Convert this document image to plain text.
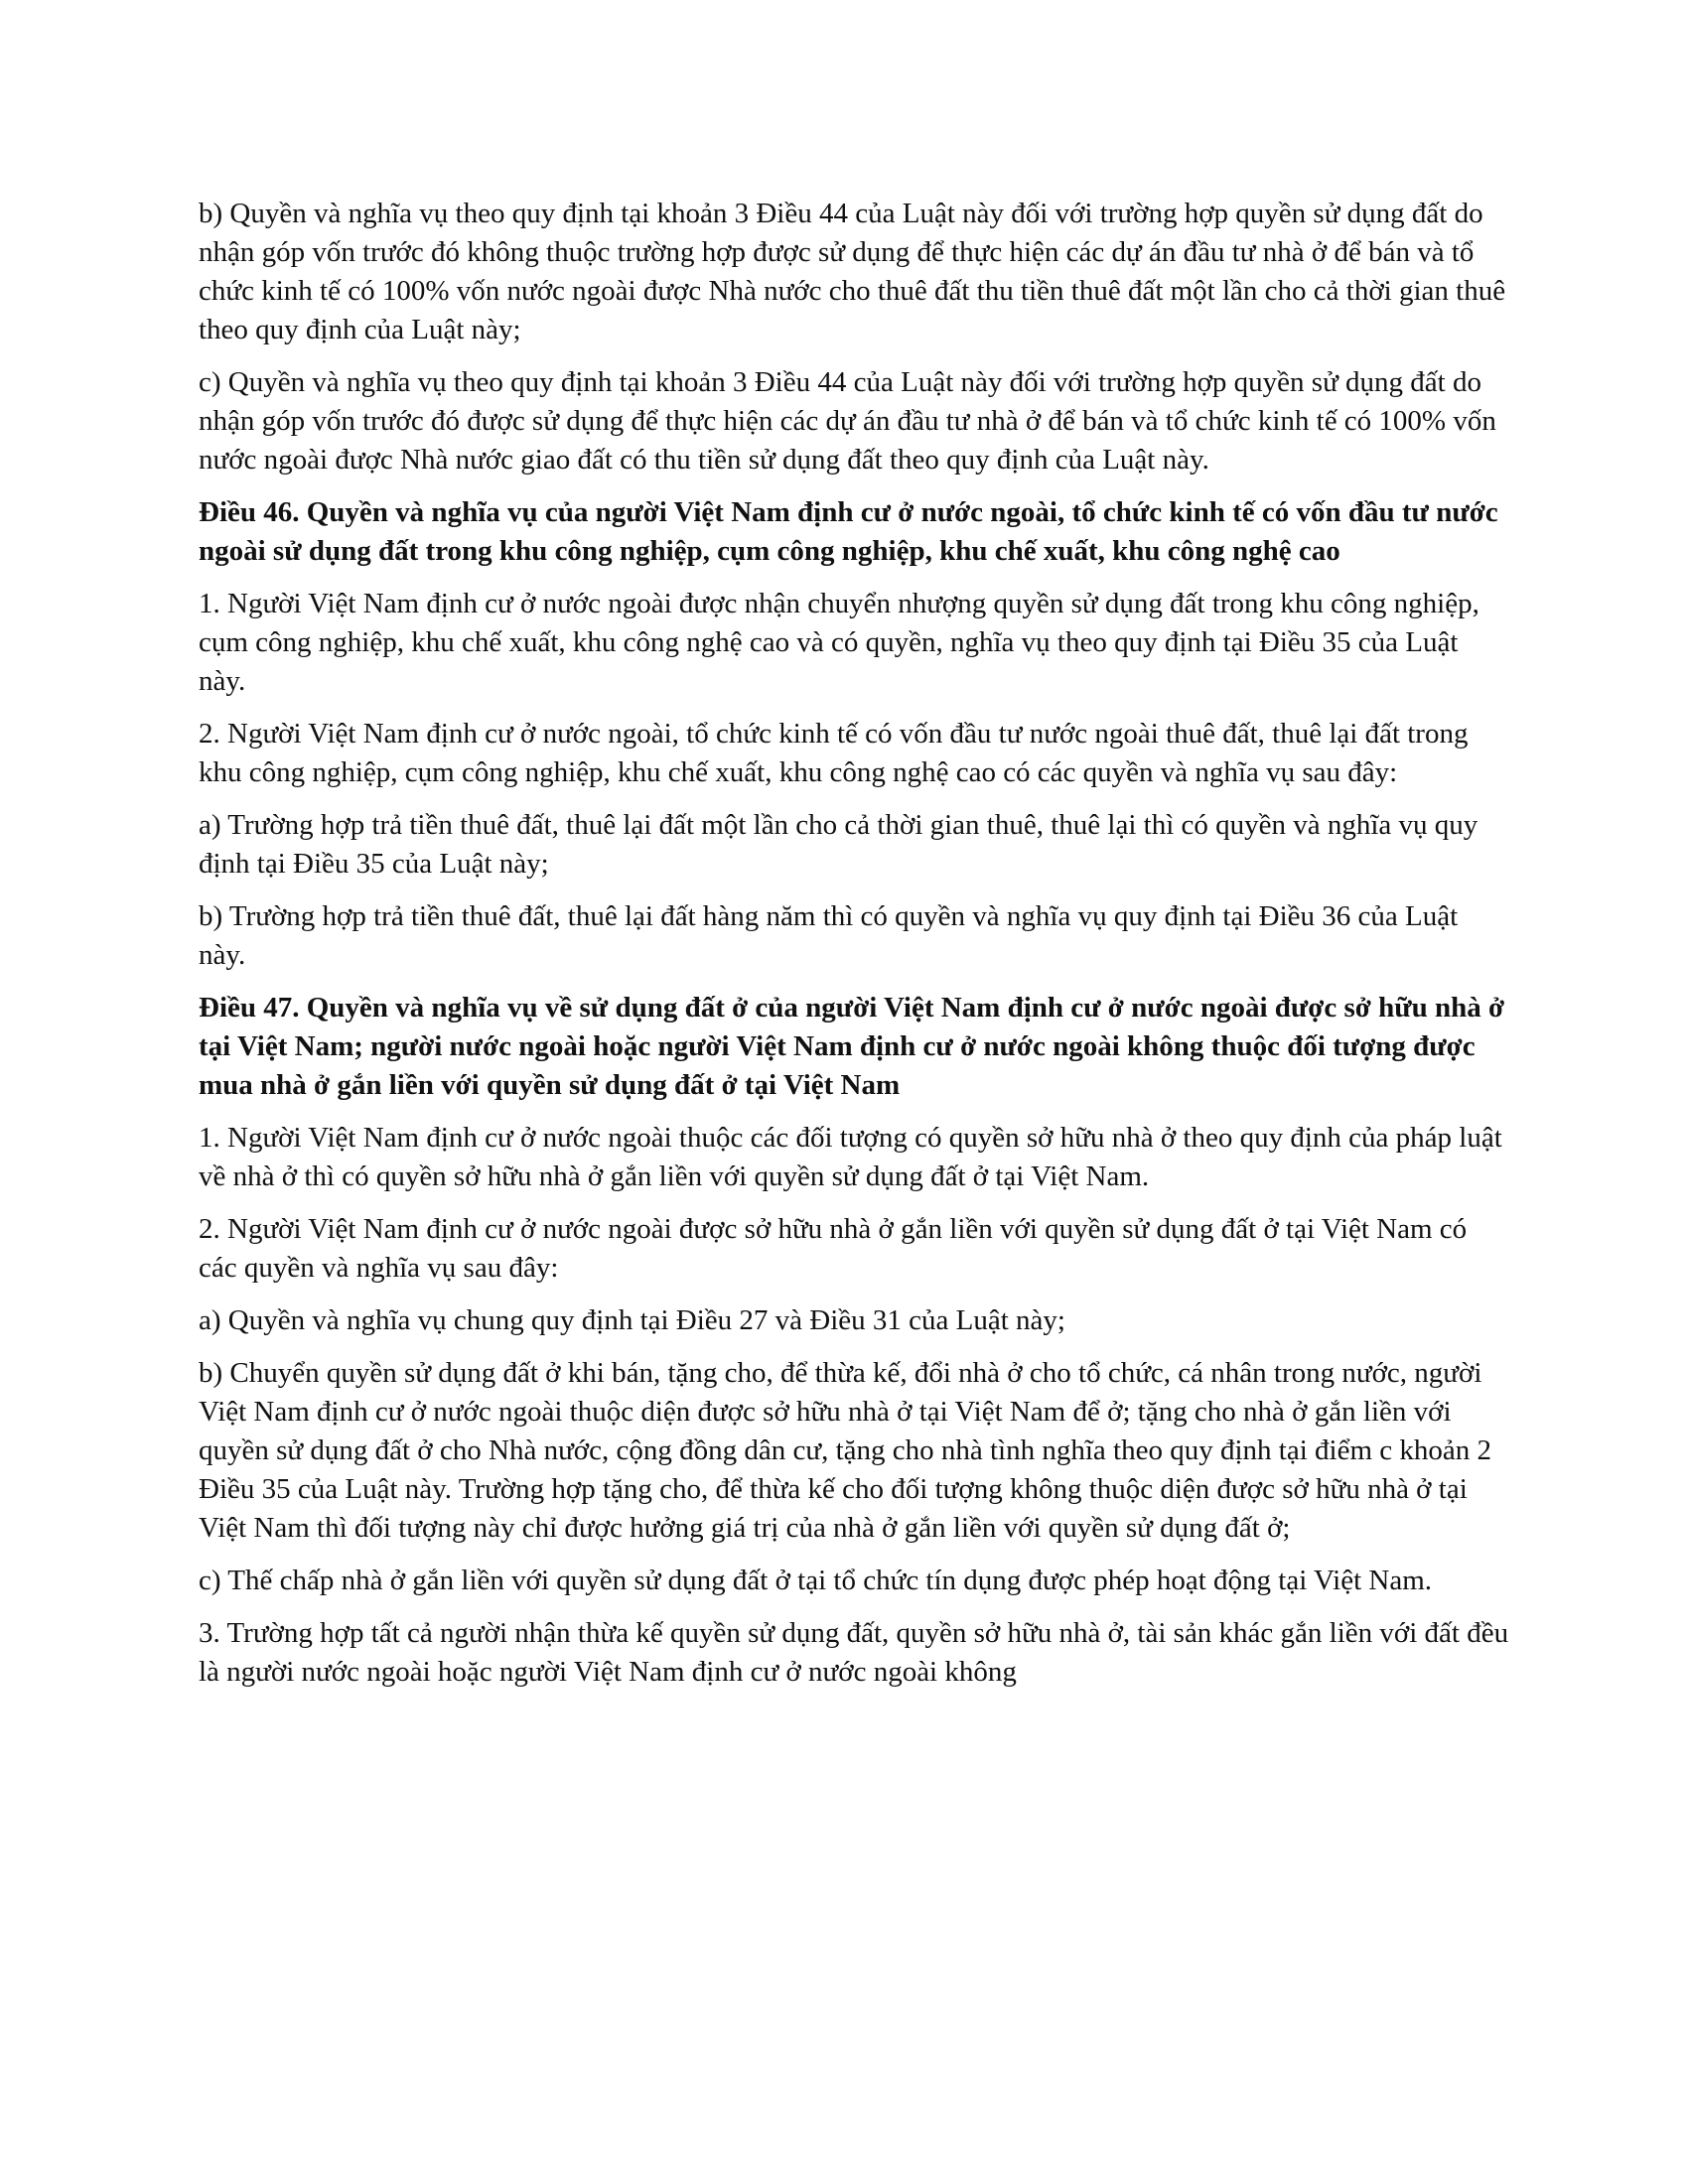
b) Quyền và nghĩa vụ theo quy định tại khoản 3 Điều 44 của Luật này đối với trường hợp quyền sử dụng đất do nhận góp vốn trước đó không thuộc trường hợp được sử dụng để thực hiện các dự án đầu tư nhà ở để bán và tổ chức kinh tế có 100% vốn nước ngoài được Nhà nước cho thuê đất thu tiền thuê đất một lần cho cả thời gian thuê theo quy định của Luật này;

c) Quyền và nghĩa vụ theo quy định tại khoản 3 Điều 44 của Luật này đối với trường hợp quyền sử dụng đất do nhận góp vốn trước đó được sử dụng để thực hiện các dự án đầu tư nhà ở để bán và tổ chức kinh tế có 100% vốn nước ngoài được Nhà nước giao đất có thu tiền sử dụng đất theo quy định của Luật này.

Điều 46. Quyền và nghĩa vụ của người Việt Nam định cư ở nước ngoài, tổ chức kinh tế có vốn đầu tư nước ngoài sử dụng đất trong khu công nghiệp, cụm công nghiệp, khu chế xuất, khu công nghệ cao

1. Người Việt Nam định cư ở nước ngoài được nhận chuyển nhượng quyền sử dụng đất trong khu công nghiệp, cụm công nghiệp, khu chế xuất, khu công nghệ cao và có quyền, nghĩa vụ theo quy định tại Điều 35 của Luật này.

2. Người Việt Nam định cư ở nước ngoài, tổ chức kinh tế có vốn đầu tư nước ngoài thuê đất, thuê lại đất trong khu công nghiệp, cụm công nghiệp, khu chế xuất, khu công nghệ cao có các quyền và nghĩa vụ sau đây:

a) Trường hợp trả tiền thuê đất, thuê lại đất một lần cho cả thời gian thuê, thuê lại thì có quyền và nghĩa vụ quy định tại Điều 35 của Luật này;

b) Trường hợp trả tiền thuê đất, thuê lại đất hàng năm thì có quyền và nghĩa vụ quy định tại Điều 36 của Luật này.

Điều 47. Quyền và nghĩa vụ về sử dụng đất ở của người Việt Nam định cư ở nước ngoài được sở hữu nhà ở tại Việt Nam; người nước ngoài hoặc người Việt Nam định cư ở nước ngoài không thuộc đối tượng được mua nhà ở gắn liền với quyền sử dụng đất ở tại Việt Nam

1. Người Việt Nam định cư ở nước ngoài thuộc các đối tượng có quyền sở hữu nhà ở theo quy định của pháp luật về nhà ở thì có quyền sở hữu nhà ở gắn liền với quyền sử dụng đất ở tại Việt Nam.

2. Người Việt Nam định cư ở nước ngoài được sở hữu nhà ở gắn liền với quyền sử dụng đất ở tại Việt Nam có các quyền và nghĩa vụ sau đây:

a) Quyền và nghĩa vụ chung quy định tại Điều 27 và Điều 31 của Luật này;

b) Chuyển quyền sử dụng đất ở khi bán, tặng cho, để thừa kế, đổi nhà ở cho tổ chức, cá nhân trong nước, người Việt Nam định cư ở nước ngoài thuộc diện được sở hữu nhà ở tại Việt Nam để ở; tặng cho nhà ở gắn liền với quyền sử dụng đất ở cho Nhà nước, cộng đồng dân cư, tặng cho nhà tình nghĩa theo quy định tại điểm c khoản 2 Điều 35 của Luật này. Trường hợp tặng cho, để thừa kế cho đối tượng không thuộc diện được sở hữu nhà ở tại Việt Nam thì đối tượng này chỉ được hưởng giá trị của nhà ở gắn liền với quyền sử dụng đất ở;

c) Thế chấp nhà ở gắn liền với quyền sử dụng đất ở tại tổ chức tín dụng được phép hoạt động tại Việt Nam.

3. Trường hợp tất cả người nhận thừa kế quyền sử dụng đất, quyền sở hữu nhà ở, tài sản khác gắn liền với đất đều là người nước ngoài hoặc người Việt Nam định cư ở nước ngoài không
